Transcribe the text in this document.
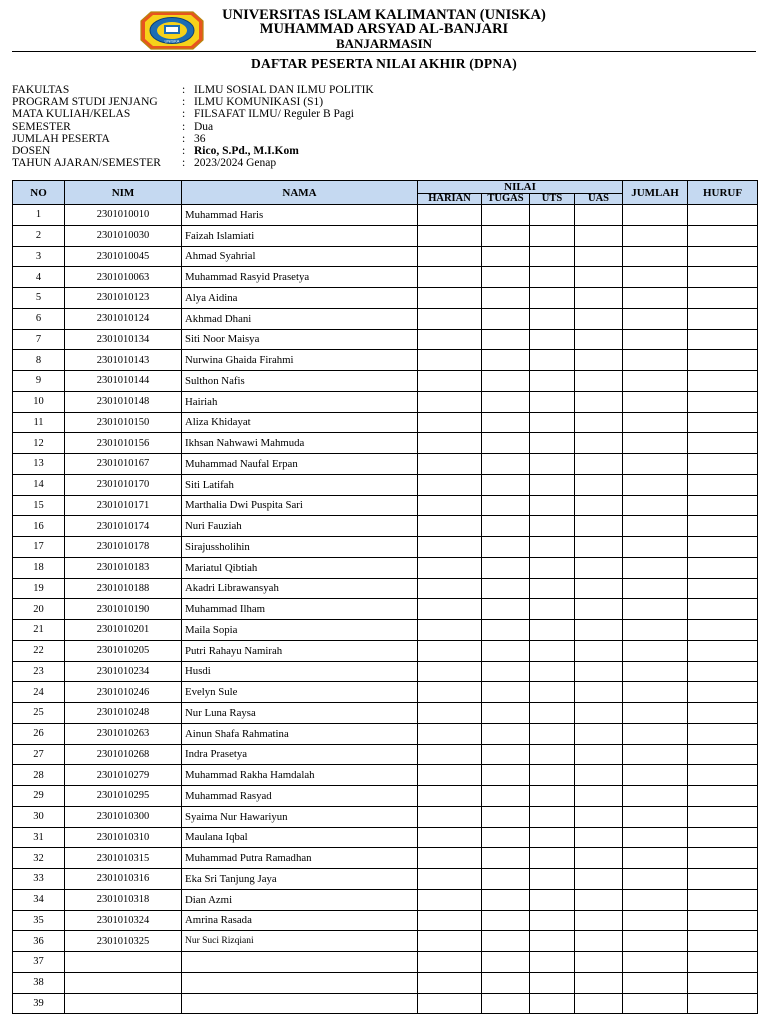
UNISKA
UNIVERSITAS ISLAM KALIMANTAN (UNISKA)
MUHAMMAD ARSYAD AL-BANJARI
BANJARMASIN
DAFTAR PESERTA NILAI AKHIR (DPNA)
FAKULTAS	: ILMU SOSIAL DAN ILMU POLITIK
PROGRAM STUDI JENJANG	: ILMU KOMUNIKASI (S1)
MATA KULIAH/KELAS	: FILSAFAT ILMU/ Reguler B Pagi
SEMESTER	: Dua
JUMLAH PESERTA	: 36
DOSEN	: Rico, S.Pd., M.I.Kom
TAHUN AJARAN/SEMESTER	: 2023/2024 Genap
NO	NIM	NAMA	NILAI				JUMLAH	HURUF
			HARIAN	TUGAS	UTS	UAS		
1	2301010010	Muhammad Haris						
2	2301010030	Faizah Islamiati						
3	2301010045	Ahmad Syahrial						
4	2301010063	Muhammad Rasyid Prasetya						
5	2301010123	Alya Aidina						
6	2301010124	Akhmad Dhani						
7	2301010134	Siti Noor Maisya						
8	2301010143	Nurwina Ghaida Firahmi						
9	2301010144	Sulthon Nafis						
10	2301010148	Hairiah						
11	2301010150	Aliza Khidayat						
12	2301010156	Ikhsan Nahwawi Mahmuda						
13	2301010167	Muhammad Naufal Erpan						
14	2301010170	Siti Latifah						
15	2301010171	Marthalia Dwi Puspita Sari						
16	2301010174	Nuri Fauziah						
17	2301010178	Sirajussholihin						
18	2301010183	Mariatul Qibtiah						
19	2301010188	Akadri Librawansyah						
20	2301010190	Muhammad Ilham						
21	2301010201	Maila Sopia						
22	2301010205	Putri Rahayu Namirah						
23	2301010234	Husdi						
24	2301010246	Evelyn Sule						
25	2301010248	Nur Luna Raysa						
26	2301010263	Ainun Shafa Rahmatina						
27	2301010268	Indra Prasetya						
28	2301010279	Muhammad Rakha Hamdalah						
29	2301010295	Muhammad Rasyad						
30	2301010300	Syaima Nur Hawariyun						
31	2301010310	Maulana Iqbal						
32	2301010315	Muhammad Putra Ramadhan						
33	2301010316	Eka Sri Tanjung Jaya						
34	2301010318	Dian Azmi						
35	2301010324	Amrina Rasada						
36	2301010325	Nur Suci Rizqiani						
37								
38								
39								
